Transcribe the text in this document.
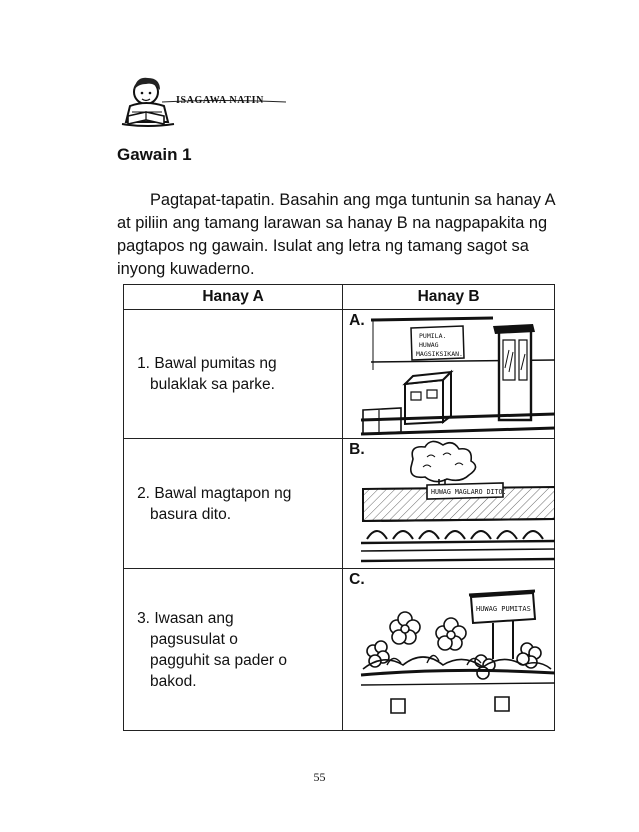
ISAGAWA NATIN
Gawain 1

Pagtapat-tapatin. Basahin ang mga tuntunin sa hanay A at piliin ang tamang larawan sa hanay B na nagpapakita ng pagtapos ng gawain. Isulat ang letra ng tamang sagot sa inyong kuwaderno.

Hanay A	Hanay B

1. Bawal pumitas ng
bulaklak sa parke.	PUMILA.
HUWAG
MAGSIKSIKAN.
A.

2. Bawal magtapon ng
basura dito.	HUWAG MAGLARO DITO.
B.

3. Iwasan ang
pagsusulat o
pagguhit sa pader o
bakod.	HUWAG PUMITAS
C.
55
